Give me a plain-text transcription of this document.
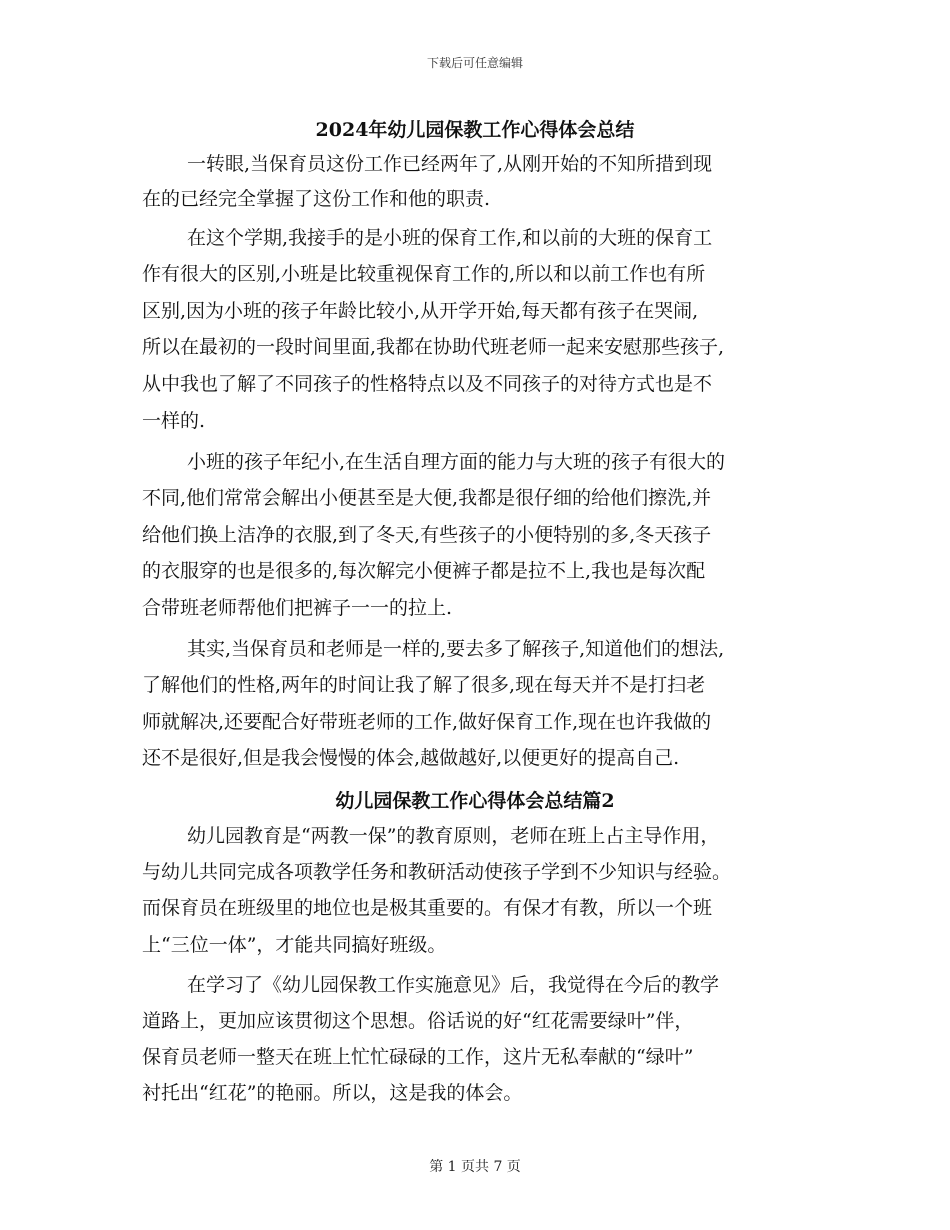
下载后可任意编辑
2024年幼儿园保教工作心得体会总结
一转眼,当保育员这份工作已经两年了,从刚开始的不知所措到现
在的已经完全掌握了这份工作和他的职责.
在这个学期,我接手的是小班的保育工作,和以前的大班的保育工
作有很大的区别,小班是比较重视保育工作的,所以和以前工作也有所
区别,因为小班的孩子年龄比较小,从开学开始,每天都有孩子在哭闹,
所以在最初的一段时间里面,我都在协助代班老师一起来安慰那些孩子,
从中我也了解了不同孩子的性格特点以及不同孩子的对待方式也是不
一样的.
小班的孩子年纪小,在生活自理方面的能力与大班的孩子有很大的
不同,他们常常会解出小便甚至是大便,我都是很仔细的给他们擦洗,并
给他们换上洁净的衣服,到了冬天,有些孩子的小便特别的多,冬天孩子
的衣服穿的也是很多的,每次解完小便裤子都是拉不上,我也是每次配
合带班老师帮他们把裤子一一的拉上.
其实,当保育员和老师是一样的,要去多了解孩子,知道他们的想法,
了解他们的性格,两年的时间让我了解了很多,现在每天并不是打扫老
师就解决,还要配合好带班老师的工作,做好保育工作,现在也许我做的
还不是很好,但是我会慢慢的体会,越做越好,以便更好的提高自己.
幼儿园保教工作心得体会总结篇2
幼儿园教育是“两教一保”的教育原则，老师在班上占主导作用，
与幼儿共同完成各项教学任务和教研活动使孩子学到不少知识与经验。
而保育员在班级里的地位也是极其重要的。有保才有教，所以一个班
上“三位一体”，才能共同搞好班级。
在学习了《幼儿园保教工作实施意见》后，我觉得在今后的教学
道路上，更加应该贯彻这个思想。俗话说的好“红花需要绿叶”伴，
保育员老师一整天在班上忙忙碌碌的工作，这片无私奉献的“绿叶”
衬托出“红花”的艳丽。所以，这是我的体会。
第 1 页共 7 页
